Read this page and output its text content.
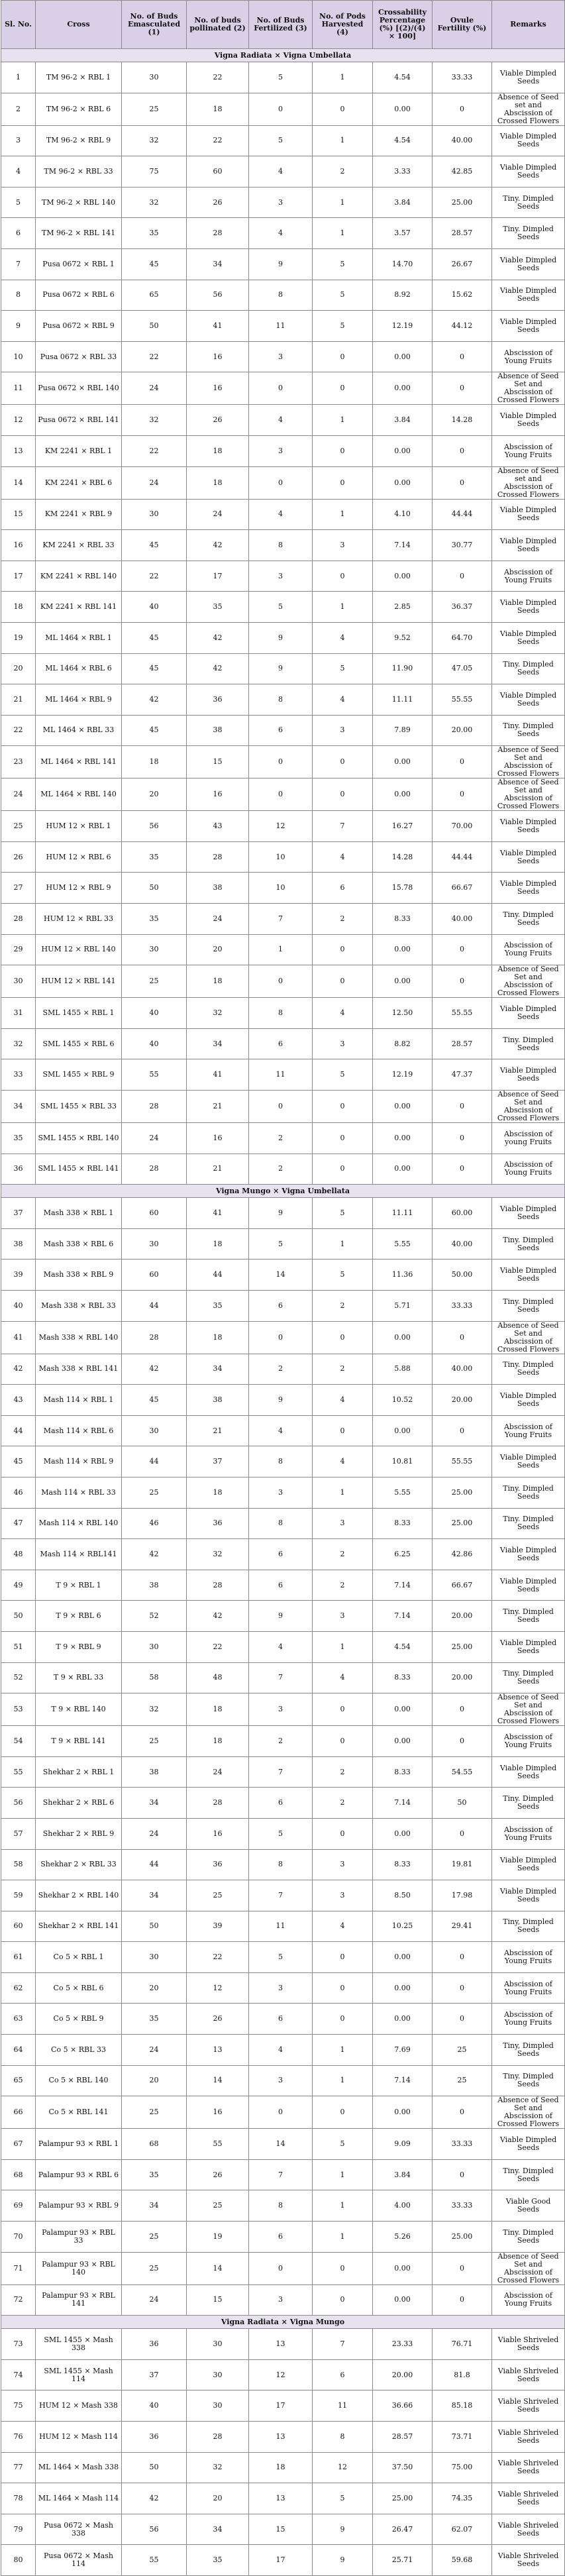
Sl. No.	Cross	No. of Buds Emasculated (1)	No. of buds pollinated (2)	No. of Buds Fertilized (3)	No. of Pods Harvested (4)	Crossability Percentage (%) [(2)/(4) × 100]	Ovule Fertility (%)	Remarks
Vigna Radiata × Vigna Umbellata								
1	TM 96-2 × RBL 1	30	22	5	1	4.54	33.33	Viable Dimpled Seeds
2	TM 96-2 × RBL 6	25	18	0	0	0.00	0	Absence of Seed set and Abscission of Crossed Flowers
3	TM 96-2 × RBL 9	32	22	5	1	4.54	40.00	Viable Dimpled Seeds
4	TM 96-2 × RBL 33	75	60	4	2	3.33	42.85	Viable Dimpled Seeds
5	TM 96-2 × RBL 140	32	26	3	1	3.84	25.00	Tiny. Dimpled Seeds
6	TM 96-2 × RBL 141	35	28	4	1	3.57	28.57	Tiny. Dimpled Seeds
7	Pusa 0672 × RBL 1	45	34	9	5	14.70	26.67	Viable Dimpled Seeds
8	Pusa 0672 × RBL 6	65	56	8	5	8.92	15.62	Viable Dimpled Seeds
9	Pusa 0672 × RBL 9	50	41	11	5	12.19	44.12	Viable Dimpled Seeds
10	Pusa 0672 × RBL 33	22	16	3	0	0.00	0	Abscission of Young Fruits
11	Pusa 0672 × RBL 140	24	16	0	0	0.00	0	Absence of Seed Set and Abscission of Crossed Flowers
12	Pusa 0672 × RBL 141	32	26	4	1	3.84	14.28	Viable Dimpled Seeds
13	KM 2241 × RBL 1	22	18	3	0	0.00	0	Abscission of Young Fruits
14	KM 2241 × RBL 6	24	18	0	0	0.00	0	Absence of Seed set and Abscission of Crossed Flowers
15	KM 2241 × RBL 9	30	24	4	1	4.10	44.44	Viable Dimpled Seeds
16	KM 2241 × RBL 33	45	42	8	3	7.14	30.77	Viable Dimpled Seeds
17	KM 2241 × RBL 140	22	17	3	0	0.00	0	Abscission of Young Fruits
18	KM 2241 × RBL 141	40	35	5	1	2.85	36.37	Viable Dimpled Seeds
19	ML 1464 × RBL 1	45	42	9	4	9.52	64.70	Viable Dimpled Seeds
20	ML 1464 × RBL 6	45	42	9	5	11.90	47.05	Tiny. Dimpled Seeds
21	ML 1464 × RBL 9	42	36	8	4	11.11	55.55	Viable Dimpled Seeds
22	ML 1464 × RBL 33	45	38	6	3	7.89	20.00	Tiny. Dimpled Seeds
23	ML 1464 × RBL 141	18	15	0	0	0.00	0	Absence of Seed Set and Abscission of Crossed Flowers
24	ML 1464 × RBL 140	20	16	0	0	0.00	0	Absence of Seed Set and Abscission of Crossed Flowers
25	HUM 12 × RBL 1	56	43	12	7	16.27	70.00	Viable Dimpled Seeds
26	HUM 12 × RBL 6	35	28	10	4	14.28	44.44	Viable Dimpled Seeds
27	HUM 12 × RBL 9	50	38	10	6	15.78	66.67	Viable Dimpled Seeds
28	HUM 12 × RBL 33	35	24	7	2	8.33	40.00	Tiny. Dimpled Seeds
29	HUM 12 × RBL 140	30	20	1	0	0.00	0	Abscission of Young Fruits
30	HUM 12 × RBL 141	25	18	0	0	0.00	0	Absence of Seed Set and Abscission of Crossed Flowers
31	SML 1455 × RBL 1	40	32	8	4	12.50	55.55	Viable Dimpled Seeds
32	SML 1455 × RBL 6	40	34	6	3	8.82	28.57	Tiny. Dimpled Seeds
33	SML 1455 × RBL 9	55	41	11	5	12.19	47.37	Viable Dimpled Seeds
34	SML 1455 × RBL 33	28	21	0	0	0.00	0	Absence of Seed Set and Abscission of Crossed Flowers
35	SML 1455 × RBL 140	24	16	2	0	0.00	0	Abscission of young Fruits
36	SML 1455 × RBL 141	28	21	2	0	0.00	0	Abscission of Young Fruits
Vigna Mungo × Vigna Umbellata								
37	Mash 338 × RBL 1	60	41	9	5	11.11	60.00	Viable Dimpled Seeds
38	Mash 338 × RBL 6	30	18	5	1	5.55	40.00	Tiny. Dimpled Seeds
39	Mash 338 × RBL 9	60	44	14	5	11.36	50.00	Viable Dimpled Seeds
40	Mash 338 × RBL 33	44	35	6	2	5.71	33.33	Tiny. Dimpled Seeds
41	Mash 338 × RBL 140	28	18	0	0	0.00	0	Absence of Seed Set and Abscission of Crossed Flowers
42	Mash 338 × RBL 141	42	34	2	2	5.88	40.00	Tiny. Dimpled Seeds
43	Mash 114 × RBL 1	45	38	9	4	10.52	20.00	Viable Dimpled Seeds
44	Mash 114 × RBL 6	30	21	4	0	0.00	0	Abscission of Young Fruits
45	Mash 114 × RBL 9	44	37	8	4	10.81	55.55	Viable Dimpled Seeds
46	Mash 114 × RBL 33	25	18	3	1	5.55	25.00	Tiny. Dimpled Seeds
47	Mash 114 × RBL 140	46	36	8	3	8.33	25.00	Tiny. Dimpled Seeds
48	Mash 114 × RBL141	42	32	6	2	6.25	42.86	Viable Dimpled Seeds
49	T 9 × RBL 1	38	28	6	2	7.14	66.67	Viable Dimpled Seeds
50	T 9 × RBL 6	52	42	9	3	7.14	20.00	Tiny. Dimpled Seeds
51	T 9 × RBL 9	30	22	4	1	4.54	25.00	Viable Dimpled Seeds
52	T 9 × RBL 33	58	48	7	4	8.33	20.00	Tiny. Dimpled Seeds
53	T 9 × RBL 140	32	18	3	0	0.00	0	Absence of Seed Set and Abscission of Crossed Flowers
54	T 9 × RBL 141	25	18	2	0	0.00	0	Abscission of Young Fruits
55	Shekhar 2 × RBL 1	38	24	7	2	8.33	54.55	Viable Dimpled Seeds
56	Shekhar 2 × RBL 6	34	28	6	2	7.14	50	Tiny. Dimpled Seeds
57	Shekhar 2 × RBL 9	24	16	5	0	0.00	0	Abscission of Young Fruits
58	Shekhar 2 × RBL 33	44	36	8	3	8.33	19.81	Viable Dimpled Seeds
59	Shekhar 2 × RBL 140	34	25	7	3	8.50	17.98	Viable Dimpled Seeds
60	Shekhar 2 × RBL 141	50	39	11	4	10.25	29.41	Tiny, Dimpled Seeds
61	Co 5 × RBL 1	30	22	5	0	0.00	0	Abscission of Young Fruits
62	Co 5 × RBL 6	20	12	3	0	0.00	0	Abscission of Young Fruits
63	Co 5 × RBL 9	35	26	6	0	0.00	0	Abscission of Young Fruits
64	Co 5 × RBL 33	24	13	4	1	7.69	25	Tiny, Dimpled Seeds
65	Co 5 × RBL 140	20	14	3	1	7.14	25	Tiny. Dimpled Seeds
66	Co 5 × RBL 141	25	16	0	0	0.00	0	Absence of Seed Set and Abscission of Crossed Flowers
67	Palampur 93 × RBL 1	68	55	14	5	9.09	33.33	Viable Dimpled Seeds
68	Palampur 93 × RBL 6	35	26	7	1	3.84	0	Tiny. Dimpled Seeds
69	Palampur 93 × RBL 9	34	25	8	1	4.00	33.33	Viable Good Seeds
70	Palampur 93 × RBL 33	25	19	6	1	5.26	25.00	Tiny. Dimpled Seeds
71	Palampur 93 × RBL 140	25	14	0	0	0.00	0	Absence of Seed Set and Abscission of Crossed Flowers
72	Palampur 93 × RBL 141	24	15	3	0	0.00	0	Abscission of Young Fruits
Vigna Radiata × Vigna Mungo								
73	SML 1455 × Mash 338	36	30	13	7	23.33	76.71	Viable Shriveled Seeds
74	SML 1455 × Mash 114	37	30	12	6	20.00	81.8	Viable Shriveled Seeds
75	HUM 12 × Mash 338	40	30	17	11	36.66	85.18	Viable Shriveled Seeds
76	HUM 12 × Mash 114	36	28	13	8	28.57	73.71	Viable Shriveled Seeds
77	ML 1464 × Mash 338	50	32	18	12	37.50	75.00	Viable Shriveled Seeds
78	ML 1464 × Mash 114	42	20	13	5	25.00	74.35	Viable Shriveled Seeds
79	Pusa 0672 × Mash 338	56	34	15	9	26.47	62.07	Viable Shriveled Seeds
80	Pusa 0672 × Mash 114	55	35	17	9	25.71	59.68	Viable Shriveled Seeds
